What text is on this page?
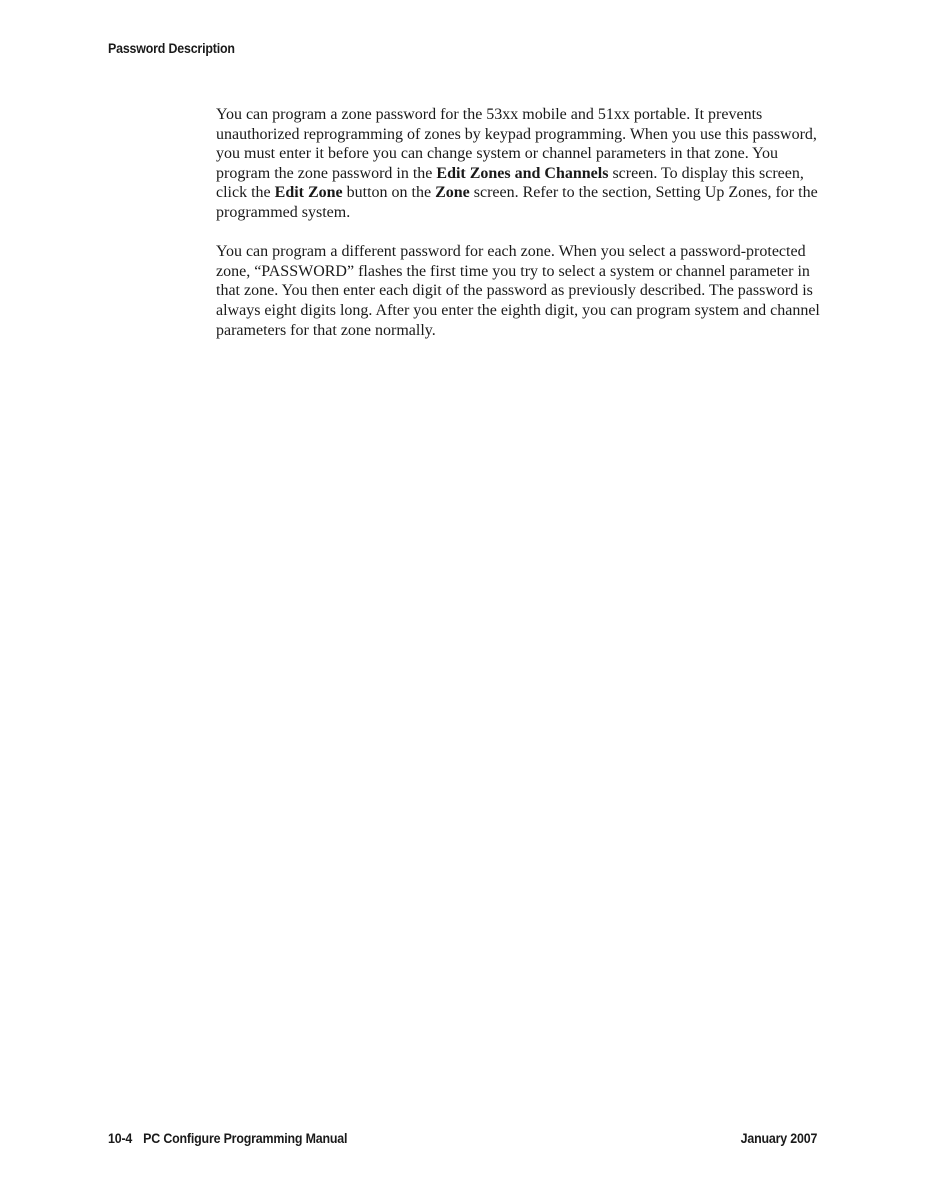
Password Description

You can program a zone password for the 53xx mobile and 51xx portable. It prevents unauthorized reprogramming of zones by keypad programming. When you use this password, you must enter it before you can change system or channel parameters in that zone. You program the zone password in the Edit Zones and Channels screen. To display this screen, click the Edit Zone button on the Zone screen. Refer to the section, Setting Up Zones, for the programmed system.

You can program a different password for each zone. When you select a password-protected zone, “PASSWORD” flashes the first time you try to select a system or channel parameter in that zone. You then enter each digit of the password as previously described. The password is always eight digits long. After you enter the eighth digit, you can program system and channel parameters for that zone normally.

10-4 PC Configure Programming Manual	January 2007
